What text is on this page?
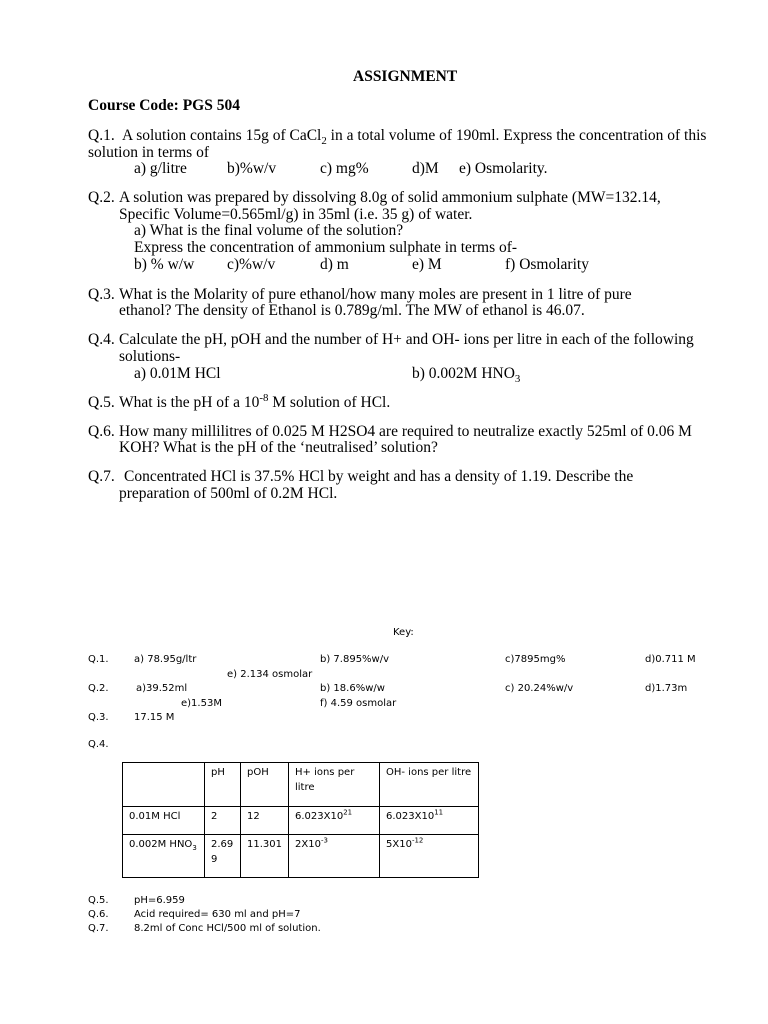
ASSIGNMENT
Course Code: PGS 504
Q.1. A solution contains 15g of CaCl$_2$ in a total volume of 190ml. Express the concentration of this
solution in terms of
a) g/litre	b)%w/v	c) mg%	d)M e) Osmolarity.
Q.2. A solution was prepared by dissolving 8.0g of solid ammonium sulphate (MW=132.14,
Specific Volume=0.565ml/g) in 35ml (i.e. 35 g) of water.
a) What is the final volume of the solution?
Express the concentration of ammonium sulphate in terms of-
b) % w/w c)%w/v	d) m	e) M	f) Osmolarity
Q.3. What is the Molarity of pure ethanol/how many moles are present in 1 litre of pure
ethanol? The density of Ethanol is 0.789g/ml. The MW of ethanol is 46.07.
Q.4. Calculate the pH, pOH and the number of H+ and OH- ions per litre in each of the following
solutions-
a) 0.01M HCl	b) 0.002M $HNO_3$
Q.5. What is the pH of a $10^{-8}$ M solution of HCl.
Q.6. How many millilitres of 0.025 M H2SO4 are required to neutralize exactly 525ml of 0.06 M
KOH? What is the pH of the ‘neutralised’ solution?
Q.7. Concentrated HCl is 37.5% HCl by weight and has a density of 1.19. Describe the
preparation of 500ml of 0.2M HCl.
Key:
Q.1.	a) 78.95g/ltr	b) 7.895%w/v	c)7895mg%	d)0.711 M
e) 2.134 osmolar
Q.2.	a)39.52ml	b) 18.6%w/w	c) 20.24%w/v	d)1.73m
e)1.53M	f) 4.59 osmolar
Q.3.	17.15 M
Q.4.
	pH	pOH	H+ ions per litre	OH- ions per litre
0.01M HCl	2	12	$6.023X10^{21}$	$6.023X10^{11}$
0.002M $HNO_3$	2.699	11.301	$2X10^{-3}$	$5X10^{-12}$
Q.5.	pH=6.959
Q.6.	Acid required= 630 ml and pH=7
Q.7.	8.2ml of Conc HCl/500 ml of solution.
